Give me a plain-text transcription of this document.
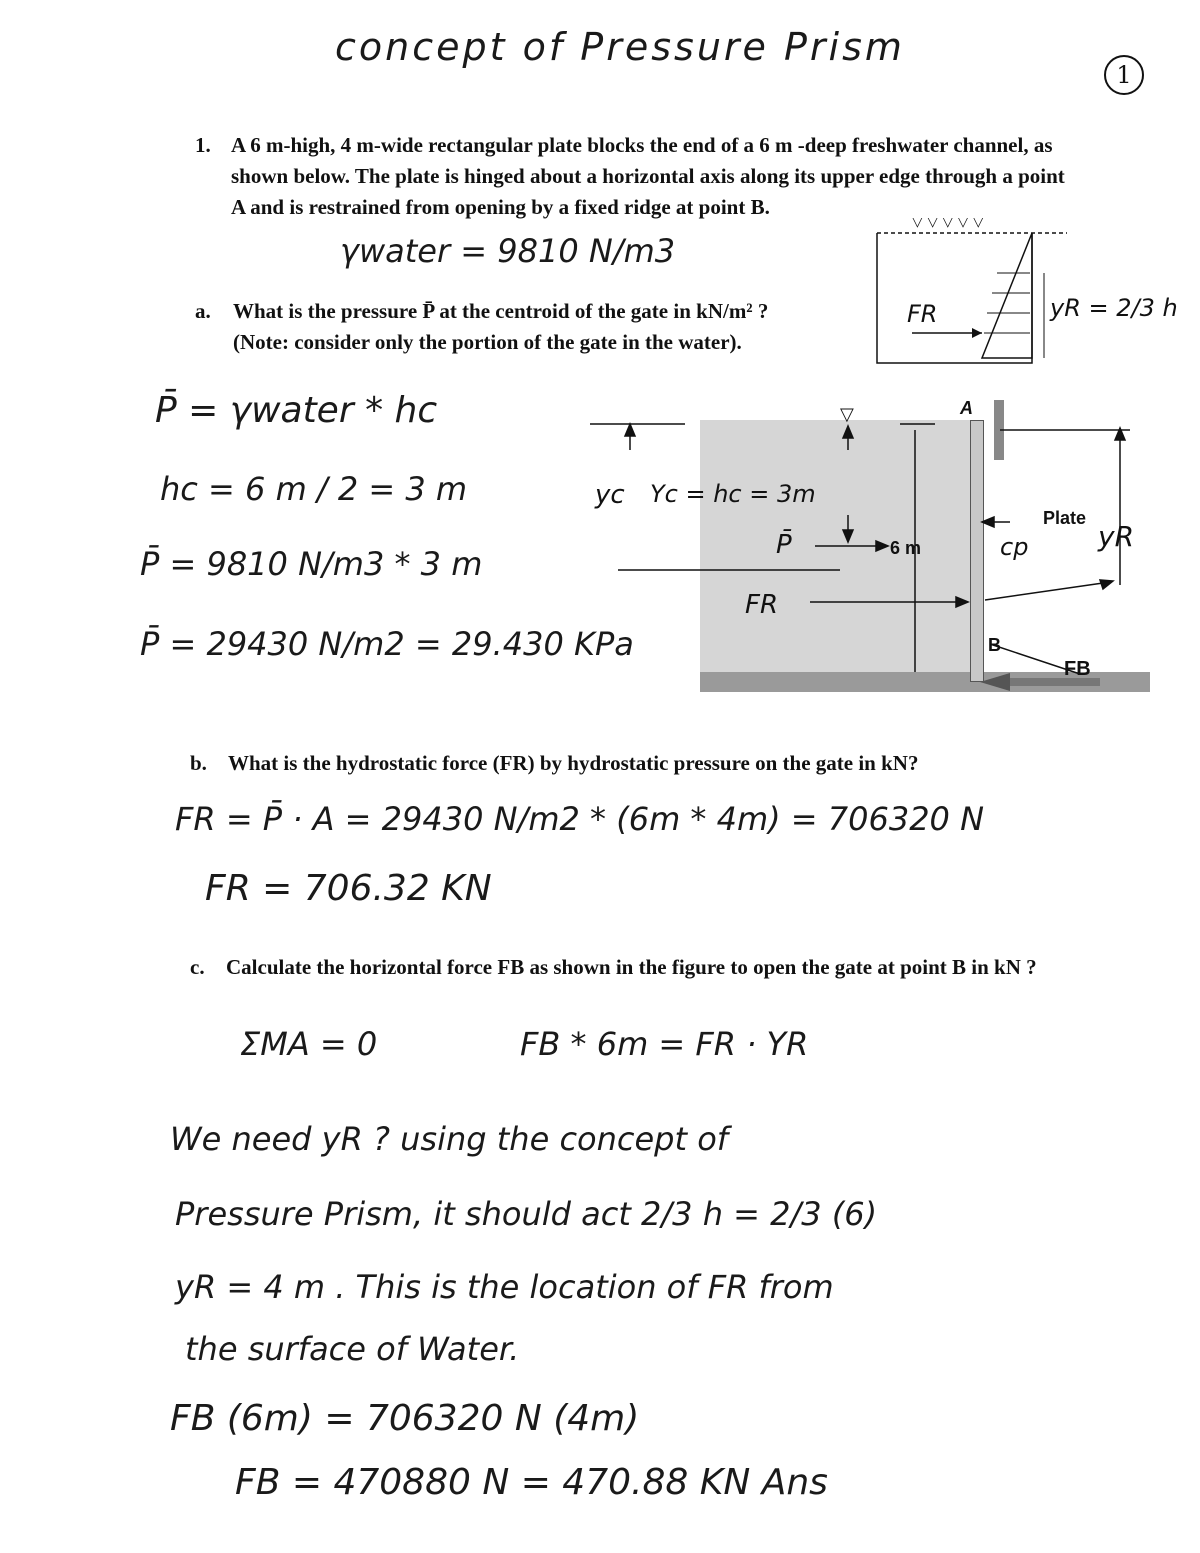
concept of Pressure Prism
1
1. A 6 m-high, 4 m-wide rectangular plate blocks the end of a 6 m -deep freshwater channel, as shown below. The plate is hinged about a horizontal axis along its upper edge through a point A and is restrained from opening by a fixed ridge at point B.
γwater = 9810 N/m3
a. What is the pressure P̄ at the centroid of the gate in kN/m² ? (Note: consider only the portion of the gate in the water).
P̄ = γwater * hc
hc = 6 m / 2 = 3 m
P̄ = 9810 N/m3 * 3 m
P̄ = 29430 N/m2 = 29.430 KPa
▽ ▽ ▽ ▽ ▽
FR	yR = 2/3 h
▽	A
B
Plate
FB
6 m
yc Yc = hc = 3m
P̄
FR
cp yR
b. What is the hydrostatic force (FR) by hydrostatic pressure on the gate in kN?
FR = P̄ · A = 29430 N/m2 * (6m * 4m) = 706320 N
FR = 706.32 KN
c. Calculate the horizontal force FB as shown in the figure to open the gate at point B in kN ?
ΣMA = 0	FB * 6m = FR · YR
We need yR ? using the concept of
Pressure Prism, it should act 2/3 h = 2/3 (6)
yR = 4 m . This is the location of FR from
the surface of Water.
FB (6m) = 706320 N (4m)
FB = 470880 N = 470.88 KN Ans
